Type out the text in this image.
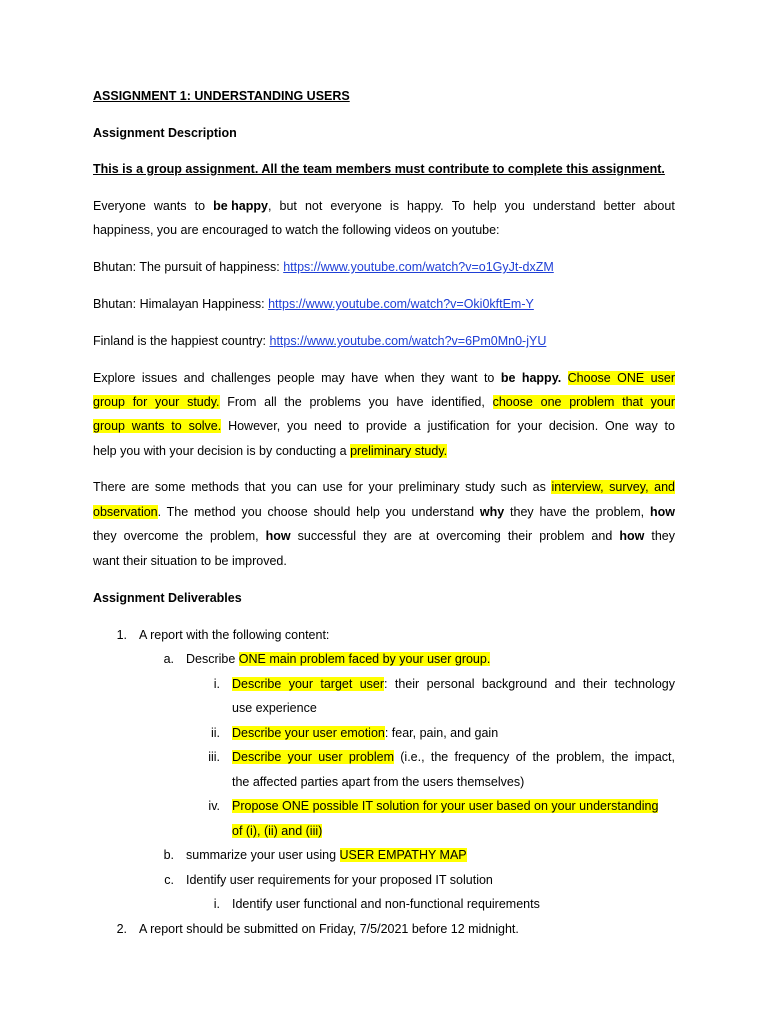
ASSIGNMENT 1: UNDERSTANDING USERS
Assignment Description
This is a group assignment. All the team members must contribute to complete this assignment.
Everyone wants to be happy, but not everyone is happy. To help you understand better about
happiness, you are encouraged to watch the following videos on youtube:
Bhutan: The pursuit of happiness: https://www.youtube.com/watch?v=o1GyJt-dxZM
Bhutan: Himalayan Happiness: https://www.youtube.com/watch?v=Oki0kftEm-Y
Finland is the happiest country: https://www.youtube.com/watch?v=6Pm0Mn0-jYU
Explore issues and challenges people may have when they want to be happy. Choose ONE user
group for your study. From all the problems you have identified, choose one problem that your
group wants to solve. However, you need to provide a justification for your decision. One way to
help you with your decision is by conducting a preliminary study.
There are some methods that you can use for your preliminary study such as interview, survey, and
observation. The method you choose should help you understand why they have the problem, how
they overcome the problem, how successful they are at overcoming their problem and how they
want their situation to be improved.
Assignment Deliverables
1. A report with the following content:
a. Describe ONE main problem faced by your user group.
i. Describe your target user: their personal background and their technology
use experience
ii. Describe your user emotion: fear, pain, and gain
iii. Describe your user problem (i.e., the frequency of the problem, the impact,
the affected parties apart from the users themselves)
iv. Propose ONE possible IT solution for your user based on your understanding
of (i), (ii) and (iii)
b. summarize your user using USER EMPATHY MAP
c. Identify user requirements for your proposed IT solution
i. Identify user functional and non-functional requirements
2. A report should be submitted on Friday, 7/5/2021 before 12 midnight.
